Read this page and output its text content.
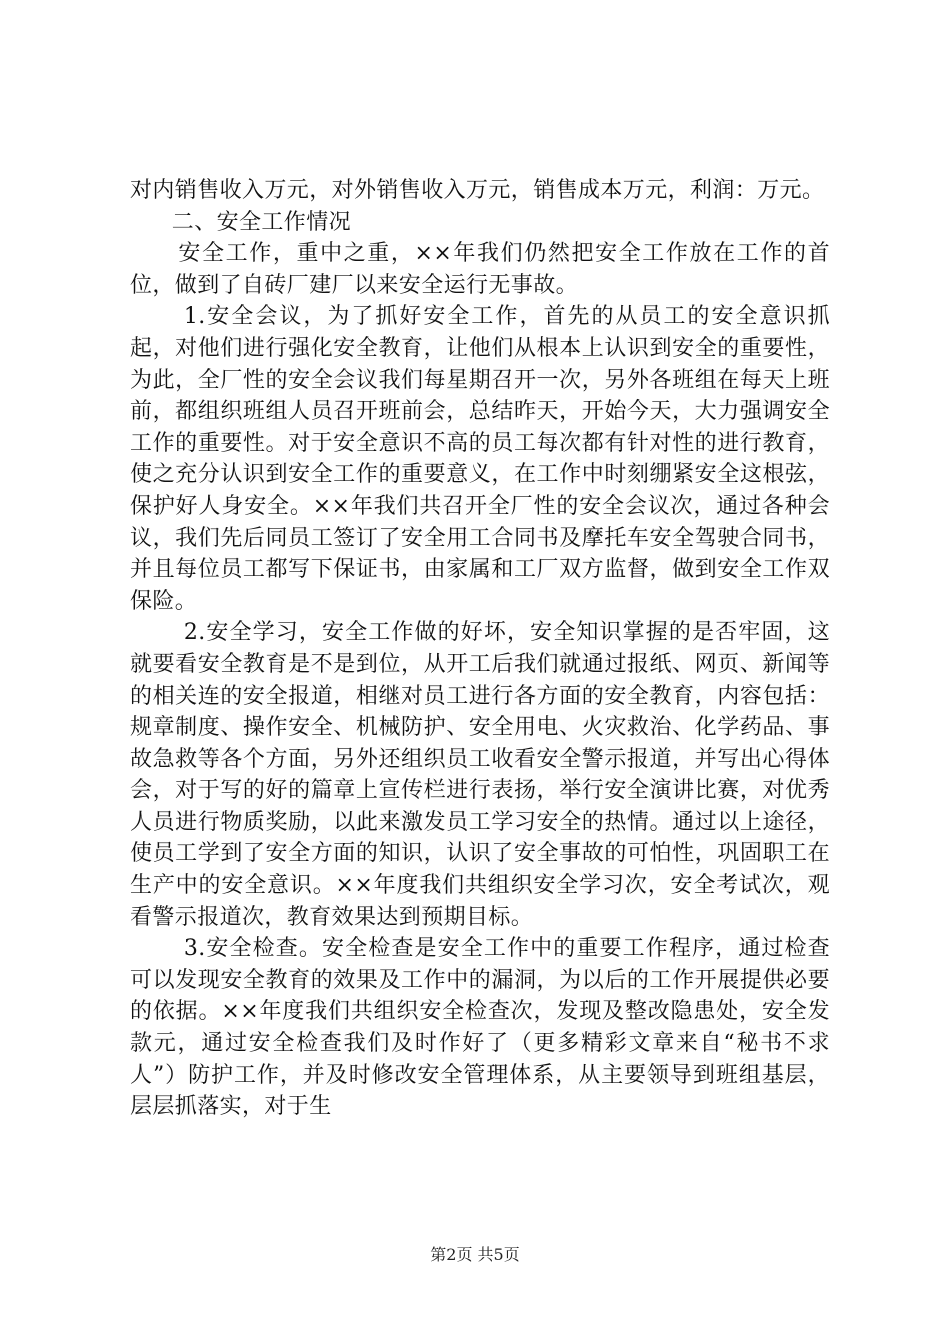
对内销售收入万元，对外销售收入万元，销售成本万元，利润：万元。

二、安全工作情况

安全工作，重中之重，××年我们仍然把安全工作放在工作的首位，做到了自砖厂建厂以来安全运行无事故。

1.安全会议，为了抓好安全工作，首先的从员工的安全意识抓起，对他们进行强化安全教育，让他们从根本上认识到安全的重要性，为此，全厂性的安全会议我们每星期召开一次，另外各班组在每天上班前，都组织班组人员召开班前会，总结昨天，开始今天，大力强调安全工作的重要性。对于安全意识不高的员工每次都有针对性的进行教育，使之充分认识到安全工作的重要意义，在工作中时刻绷紧安全这根弦，保护好人身安全。××年我们共召开全厂性的安全会议次，通过各种会议，我们先后同员工签订了安全用工合同书及摩托车安全驾驶合同书，并且每位员工都写下保证书，由家属和工厂双方监督，做到安全工作双保险。

2.安全学习，安全工作做的好坏，安全知识掌握的是否牢固，这就要看安全教育是不是到位，从开工后我们就通过报纸、网页、新闻等的相关连的安全报道，相继对员工进行各方面的安全教育，内容包括：规章制度、操作安全、机械防护、安全用电、火灾救治、化学药品、事故急救等各个方面，另外还组织员工收看安全警示报道，并写出心得体会，对于写的好的篇章上宣传栏进行表扬，举行安全演讲比赛，对优秀人员进行物质奖励，以此来激发员工学习安全的热情。通过以上途径，使员工学到了安全方面的知识，认识了安全事故的可怕性，巩固职工在生产中的安全意识。××年度我们共组织安全学习次，安全考试次，观看警示报道次，教育效果达到预期目标。

3.安全检查。安全检查是安全工作中的重要工作程序，通过检查可以发现安全教育的效果及工作中的漏洞，为以后的工作开展提供必要的依据。××年度我们共组织安全检查次，发现及整改隐患处，安全发款元，通过安全检查我们及时作好了（更多精彩文章来自“秘书不求人”）防护工作，并及时修改安全管理体系，从主要领导到班组基层，层层抓落实，对于生

第2页 共5页
